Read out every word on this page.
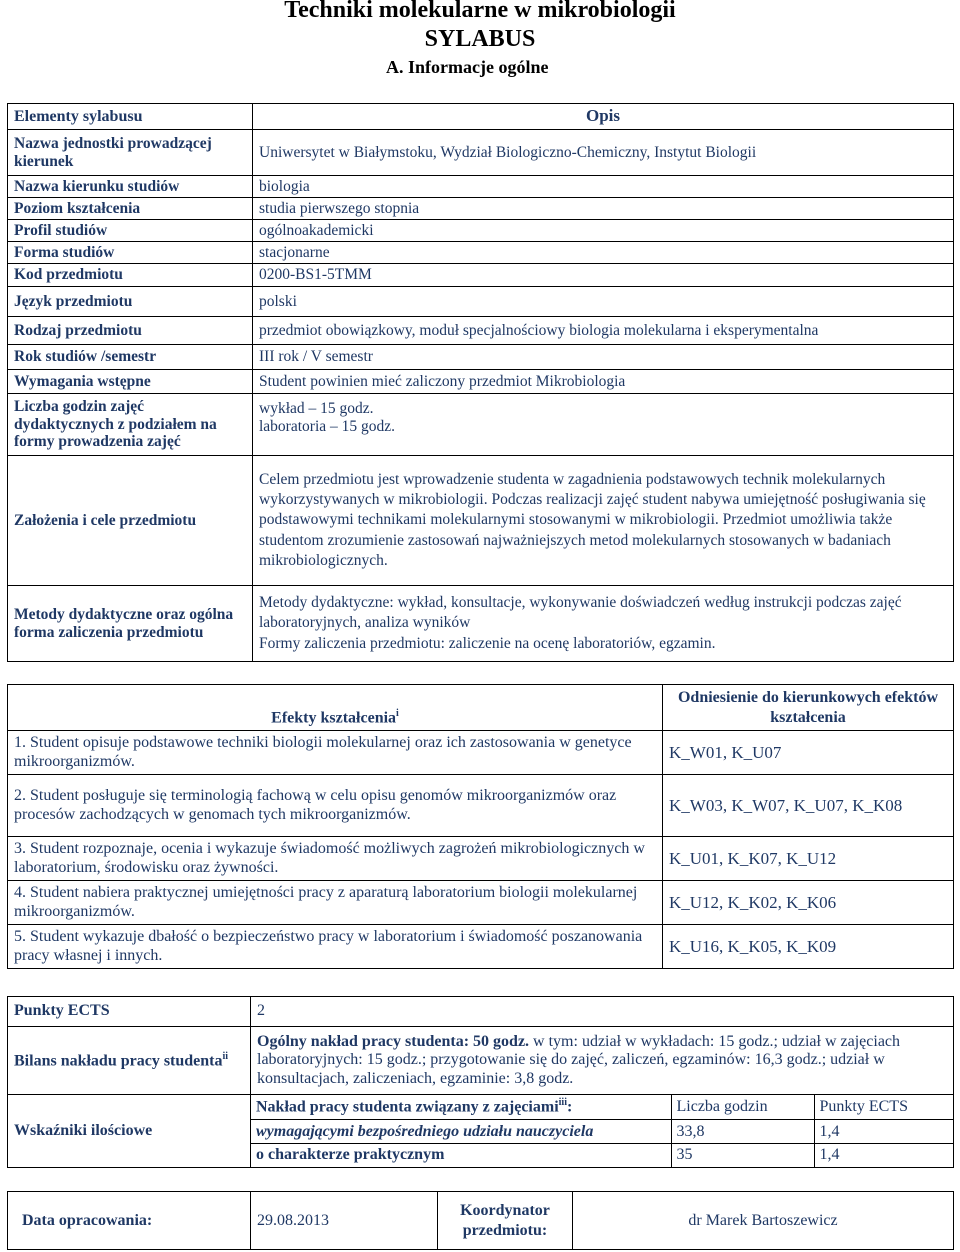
Techniki molekularne w mikrobiologii
SYLABUS
A. Informacje ogólne
Elementy sylabusu	Opis
Nazwa jednostki prowadzącej kierunek	Uniwersytet w Białymstoku, Wydział Biologiczno-Chemiczny, Instytut Biologii
Nazwa kierunku studiów	biologia
Poziom kształcenia	studia pierwszego stopnia
Profil studiów	ogólnoakademicki
Forma studiów	stacjonarne
Kod przedmiotu	0200-BS1-5TMM
Język przedmiotu	polski
Rodzaj przedmiotu	przedmiot obowiązkowy, moduł specjalnościowy biologia molekularna i eksperymentalna
Rok studiów /semestr	III rok / V semestr
Wymagania wstępne	Student powinien mieć zaliczony przedmiot Mikrobiologia
Liczba godzin zajęć dydaktycznych z podziałem na formy prowadzenia zajęć	wykład – 15 godz.
laboratoria – 15 godz.

Założenia i cele przedmiotu	Celem przedmiotu jest wprowadzenie studenta w zagadnienia podstawowych technik molekularnych wykorzystywanych w mikrobiologii. Podczas realizacji zajęć student nabywa umiejętność posługiwania się podstawowymi technikami molekularnymi stosowanymi w mikrobiologii. Przedmiot umożliwia także studentom zrozumienie zastosowań najważniejszych metod molekularnych stosowanych w badaniach mikrobiologicznych.
Metody dydaktyczne oraz ogólna forma zaliczenia przedmiotu	Metody dydaktyczne: wykład, konsultacje, wykonywanie doświadczeń według instrukcji podczas zajęć laboratoryjnych, analiza wyników
Formy zaliczenia przedmiotu: zaliczenie na ocenę laboratoriów, egzamin.
Efekty kształcenia$^i$	Odniesienie do kierunkowych efektów kształcenia
1. Student opisuje podstawowe techniki biologii molekularnej oraz ich zastosowania w genetyce mikroorganizmów.	K_W01, K_U07
2. Student posługuje się terminologią fachową w celu opisu genomów mikroorganizmów oraz procesów zachodzących w genomach tych mikroorganizmów.	K_W03, K_W07, K_U07, K_K08
3. Student rozpoznaje, ocenia i wykazuje świadomość możliwych zagrożeń mikrobiologicznych w laboratorium, środowisku oraz żywności.	K_U01, K_K07, K_U12
4. Student nabiera praktycznej umiejętności pracy z aparaturą laboratorium biologii molekularnej mikroorganizmów.	K_U12, K_K02, K_K06
5. Student wykazuje dbałość o bezpieczeństwo pracy w laboratorium i świadomość poszanowania pracy własnej i innych.	K_U16, K_K05, K_K09
Punkty ECTS	2
Bilans nakładu pracy studenta$^{ii}$	Ogólny nakład pracy studenta: 50 godz. w tym: udział w wykładach: 15 godz.; udział w zajęciach laboratoryjnych: 15 godz.; przygotowanie się do zajęć, zaliczeń, egzaminów: 16,3 godz.; udział w konsultacjach, zaliczeniach, egzaminie: 3,8 godz.
Wskaźniki ilościowe	
Nakład pracy studenta związany z zajęciami$^{iii}$:	Liczba godzin	Punkty ECTS
wymagającymi bezpośredniego udziału nauczyciela	33,8	1,4
o charakterze praktycznym	35	1,4
Data opracowania:	29.08.2013	Koordynator przedmiotu:	dr Marek Bartoszewicz
